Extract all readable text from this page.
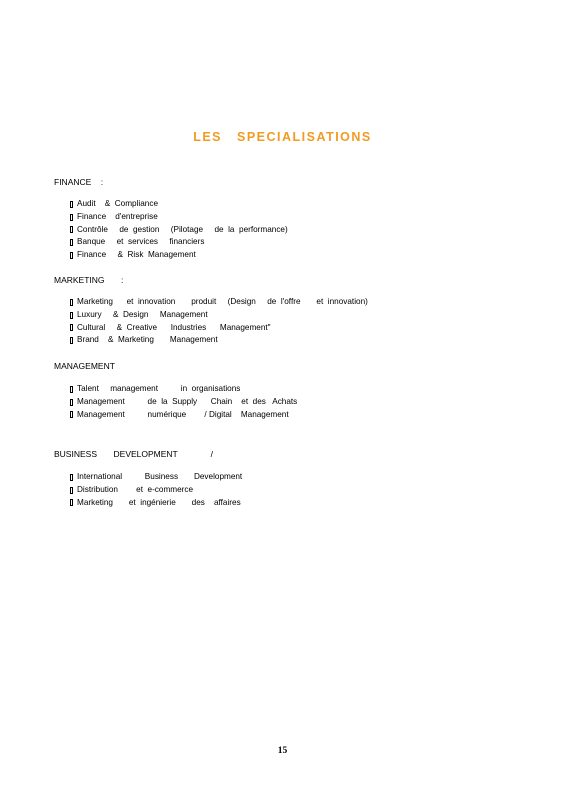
LES SPECIALISATIONS

FINANCE    :

Audit    &  Compliance
Finance    d'entreprise
Contrôle     de  gestion     (Pilotage     de  la  performance)
Banque     et  services     financiers
Finance     &  Risk  Management

MARKETING       :

Marketing      et  innovation       produit     (Design     de  l'offre       et  innovation)
Luxury     &  Design     Management
Cultural     &  Creative      Industries      Management"
Brand    &  Marketing       Management

MANAGEMENT

Talent     management          in  organisations
Management          de  la  Supply      Chain    et  des   Achats
Management          numérique        / Digital    Management

BUSINESS       DEVELOPMENT              /

International          Business       Development
Distribution        et  e-commerce
Marketing       et  ingénierie       des    affaires
15
